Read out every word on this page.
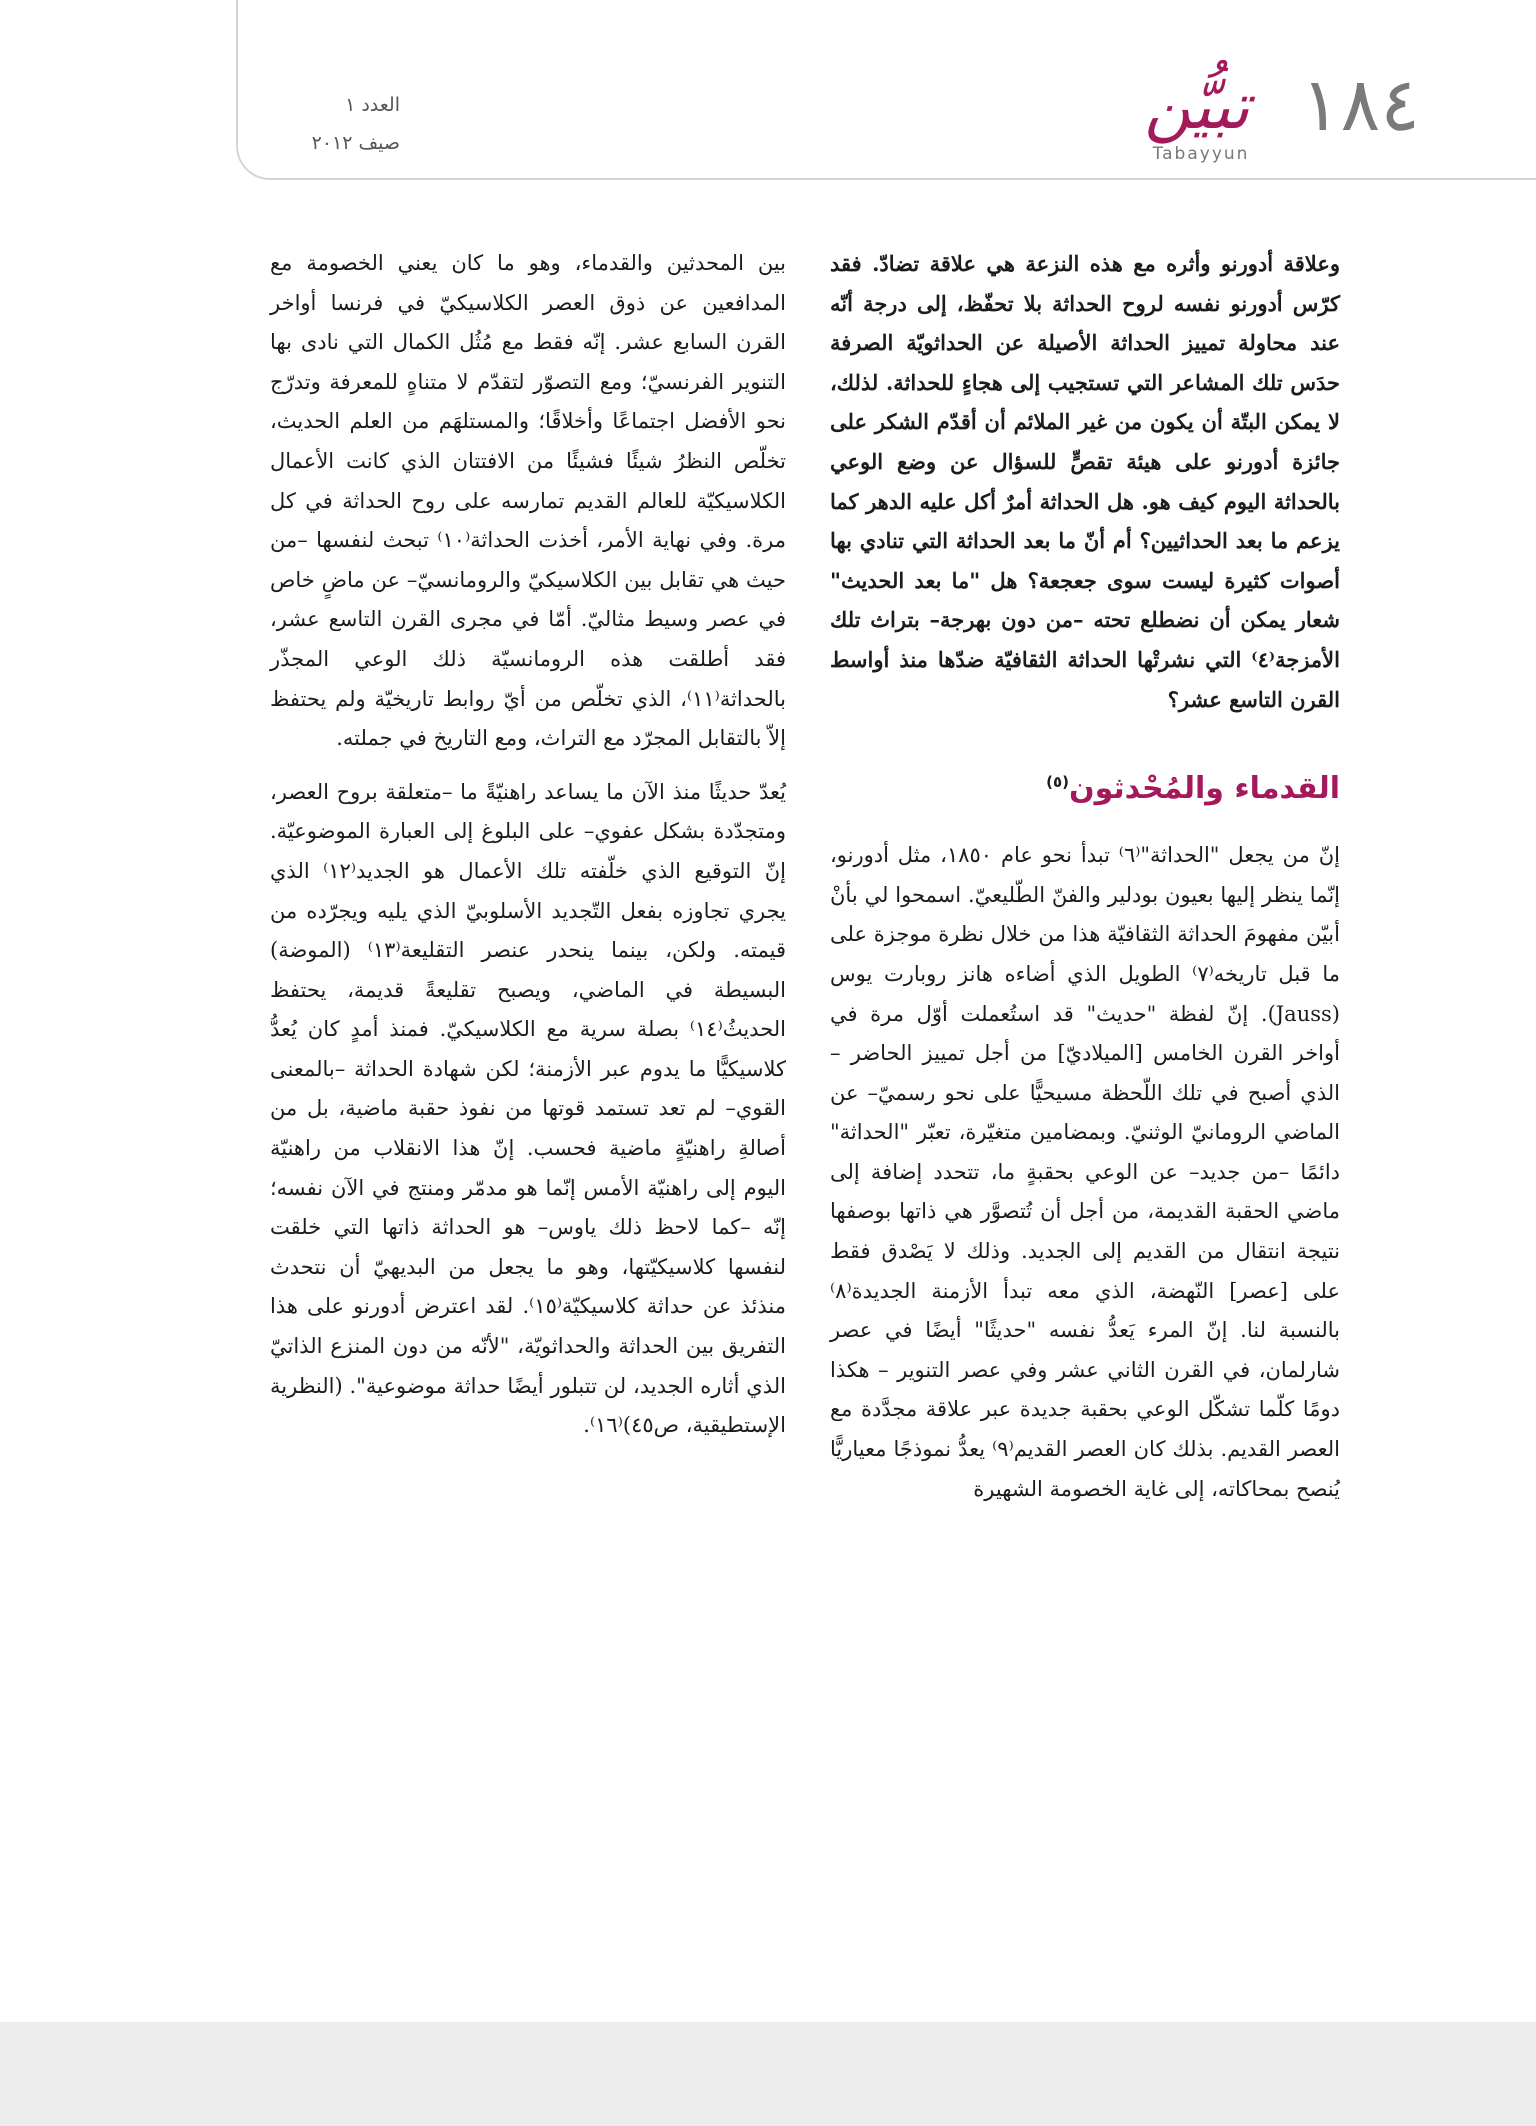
١٨٤
تبيُّن
Tabayyun
العدد ١
صيف ٢٠١٢

وعلاقة أدورنو وأثره مع هذه النزعة هي علاقة تضادّ. فقد كرّس أدورنو نفسه لروح الحداثة بلا تحفّظ، إلى درجة أنّه عند محاولة تمييز الحداثة الأصيلة عن الحداثويّة الصرفة حدَس تلك المشاعر التي تستجيب إلى هجاءٍ للحداثة. لذلك، لا يمكن البتّة أن يكون من غير الملائم أن أقدّم الشكر على جائزة أدورنو على هيئة تقصٍّ للسؤال عن وضع الوعي بالحداثة اليوم كيف هو. هل الحداثة أمرٌ أكل عليه الدهر كما يزعم ما بعد الحداثيين؟ أم أنّ ما بعد الحداثة التي تنادي بها أصوات كثيرة ليست سوى جعجعة؟ هل "ما بعد الحديث" شعار يمكن أن نضطلع تحته –من دون بهرجة– بتراث تلك الأمزجة⁽٤⁾ التي نشرتْها الحداثة الثقافيّة ضدّها منذ أواسط القرن التاسع عشر؟

القدماء والمُحْدثون$^{(٥)}$

إنّ من يجعل "الحداثة"⁽٦⁾ تبدأ نحو عام ١٨٥٠، مثل أدورنو، إنّما ينظر إليها بعيون بودلير والفنّ الطّليعيّ. اسمحوا لي بأنْ أبيّن مفهومَ الحداثة الثقافيّة هذا من خلال نظرة موجزة على ما قبل تاريخه⁽٧⁾ الطويل الذي أضاءه هانز روبارت يوس (Jauss). إنّ لفظة "حديث" قد استُعملت أوّل مرة في أواخر القرن الخامس [الميلاديّ] من أجل تمييز الحاضر –الذي أصبح في تلك اللّحظة مسيحيًّا على نحو رسميّ– عن الماضي الرومانيّ الوثنيّ. وبمضامين متغيّرة، تعبّر "الحداثة" دائمًا –من جديد– عن الوعي بحقبةٍ ما، تتحدد إضافة إلى ماضي الحقبة القديمة، من أجل أن تُتصوَّر هي ذاتها بوصفها نتيجة انتقال من القديم إلى الجديد. وذلك لا يَصْدق فقط على [عصر] النّهضة، الذي معه تبدأ الأزمنة الجديدة⁽٨⁾ بالنسبة لنا. إنّ المرء يَعدُّ نفسه "حديثًا" أيضًا في عصر شارلمان، في القرن الثاني عشر وفي عصر التنوير – هكذا دومًا كلّما تشكّل الوعي بحقبة جديدة عبر علاقة مجدَّدة مع العصر القديم. بذلك كان العصر القديم⁽٩⁾ يعدُّ نموذجًا معياريًّا يُنصح بمحاكاته، إلى غاية الخصومة الشهيرة

بين المحدثين والقدماء، وهو ما كان يعني الخصومة مع المدافعين عن ذوق العصر الكلاسيكيّ في فرنسا أواخر القرن السابع عشر. إنّه فقط مع مُثُل الكمال التي نادى بها التنوير الفرنسيّ؛ ومع التصوّر لتقدّم لا متناهٍ للمعرفة وتدرّج نحو الأفضل اجتماعًا وأخلاقًا؛ والمستلهَم من العلم الحديث، تخلّص النظرُ شيئًا فشيئًا من الافتتان الذي كانت الأعمال الكلاسيكيّة للعالم القديم تمارسه على روح الحداثة في كل مرة. وفي نهاية الأمر، أخذت الحداثة⁽١٠⁾ تبحث لنفسها –من حيث هي تقابل بين الكلاسيكيّ والرومانسيّ– عن ماضٍ خاص في عصر وسيط مثاليّ. أمّا في مجرى القرن التاسع عشر، فقد أطلقت هذه الرومانسيّة ذلك الوعي المجذّر بالحداثة⁽١١⁾، الذي تخلّص من أيّ روابط تاريخيّة ولم يحتفظ إلاّ بالتقابل المجرّد مع التراث، ومع التاريخ في جملته.

يُعدّ حديثًا منذ الآن ما يساعد راهنيّةً ما –متعلقة بروح العصر، ومتجدّدة بشكل عفوي– على البلوغ إلى العبارة الموضوعيّة. إنّ التوقيع الذي خلّفته تلك الأعمال هو الجديد⁽١٢⁾ الذي يجري تجاوزه بفعل التّجديد الأسلوبيّ الذي يليه ويجرّده من قيمته. ولكن، بينما ينحدر عنصر التقليعة⁽١٣⁾ (الموضة) البسيطة في الماضي، ويصبح تقليعةً قديمة، يحتفظ الحديثُ⁽١٤⁾ بصلة سرية مع الكلاسيكيّ. فمنذ أمدٍ كان يُعدُّ كلاسيكيًّا ما يدوم عبر الأزمنة؛ لكن شهادة الحداثة –بالمعنى القوي– لم تعد تستمد قوتها من نفوذ حقبة ماضية، بل من أصالةِ راهنيّةٍ ماضية فحسب. إنّ هذا الانقلاب من راهنيّة اليوم إلى راهنيّة الأمس إنّما هو مدمّر ومنتج في الآن نفسه؛ إنّه –كما لاحظ ذلك ياوس– هو الحداثة ذاتها التي خلقت لنفسها كلاسيكيّتها، وهو ما يجعل من البديهيّ أن نتحدث منذئذ عن حداثة كلاسيكيّة⁽١٥⁾. لقد اعترض أدورنو على هذا التفريق بين الحداثة والحداثويّة، "لأنّه من دون المنزع الذاتيّ الذي أثاره الجديد، لن تتبلور أيضًا حداثة موضوعية". (النظرية الإستطيقية، ص٤٥)⁽١٦⁾.
